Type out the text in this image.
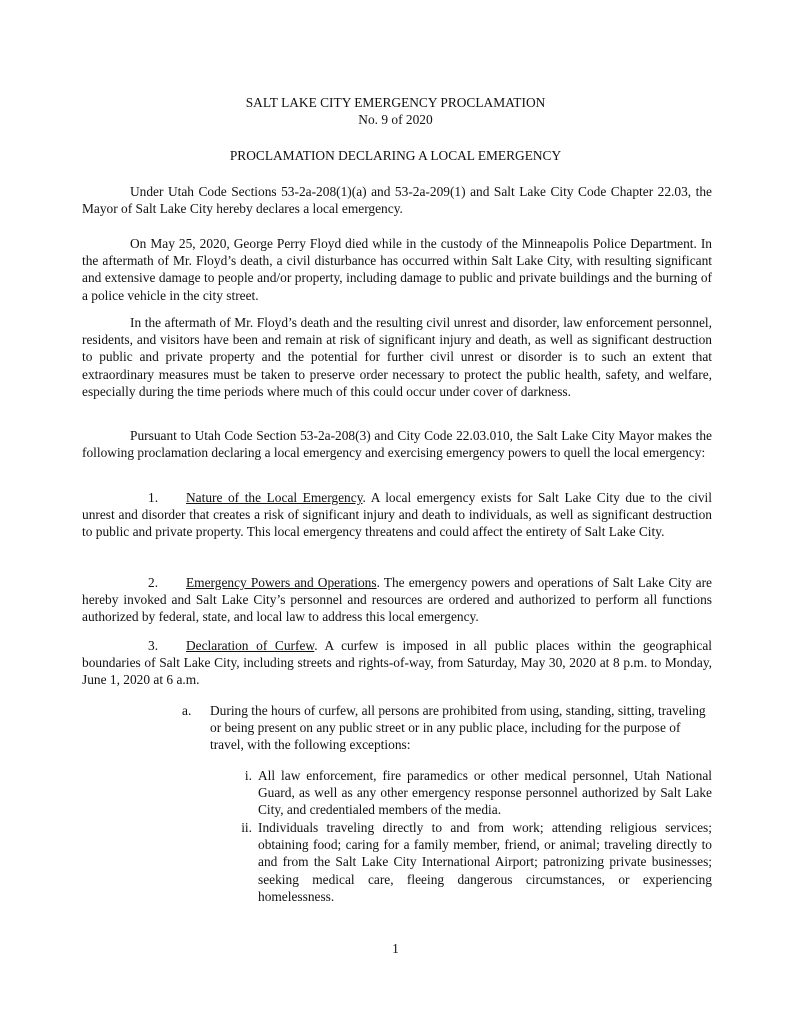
SALT LAKE CITY EMERGENCY PROCLAMATION
No. 9 of 2020
PROCLAMATION DECLARING A LOCAL EMERGENCY

Under Utah Code Sections 53-2a-208(1)(a) and 53-2a-209(1) and Salt Lake City Code Chapter 22.03, the Mayor of Salt Lake City hereby declares a local emergency.

On May 25, 2020, George Perry Floyd died while in the custody of the Minneapolis Police Department. In the aftermath of Mr. Floyd’s death, a civil disturbance has occurred within Salt Lake City, with resulting significant and extensive damage to people and/or property, including damage to public and private buildings and the burning of a police vehicle in the city street.

In the aftermath of Mr. Floyd’s death and the resulting civil unrest and disorder, law enforcement personnel, residents, and visitors have been and remain at risk of significant injury and death, as well as significant destruction to public and private property and the potential for further civil unrest or disorder is to such an extent that extraordinary measures must be taken to preserve order necessary to protect the public health, safety, and welfare, especially during the time periods where much of this could occur under cover of darkness.

Pursuant to Utah Code Section 53-2a-208(3) and City Code 22.03.010, the Salt Lake City Mayor makes the following proclamation declaring a local emergency and exercising emergency powers to quell the local emergency:

1. Nature of the Local Emergency. A local emergency exists for Salt Lake City due to the civil unrest and disorder that creates a risk of significant injury and death to individuals, as well as significant destruction to public and private property. This local emergency threatens and could affect the entirety of Salt Lake City.
2. Emergency Powers and Operations. The emergency powers and operations of Salt Lake City are hereby invoked and Salt Lake City’s personnel and resources are ordered and authorized to perform all functions authorized by federal, state, and local law to address this local emergency.
3. Declaration of Curfew. A curfew is imposed in all public places within the geographical boundaries of Salt Lake City, including streets and rights-of-way, from Saturday, May 30, 2020 at 8 p.m. to Monday, June 1, 2020 at 6 a.m.
a. During the hours of curfew, all persons are prohibited from using, standing, sitting, traveling or being present on any public street or in any public place, including for the purpose of travel, with the following exceptions:
i. All law enforcement, fire paramedics or other medical personnel, Utah National Guard, as well as any other emergency response personnel authorized by Salt Lake City, and credentialed members of the media.
ii. Individuals traveling directly to and from work; attending religious services; obtaining food; caring for a family member, friend, or animal; traveling directly to and from the Salt Lake City International Airport; patronizing private businesses; seeking medical care, fleeing dangerous circumstances, or experiencing homelessness.
1
